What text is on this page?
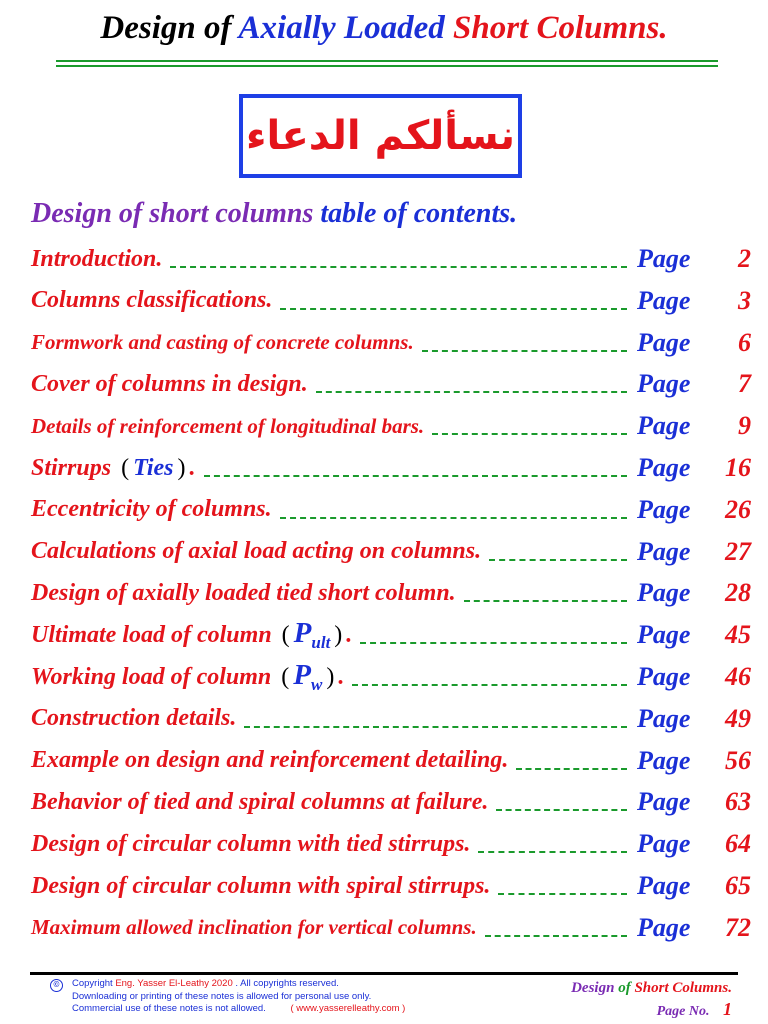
Design of Axially Loaded Short Columns.
نسألكم الدعاء
Design of short columns table of contents.
Introduction.	Page	2
Columns classifications.	Page	3
Formwork and casting of concrete columns.	Page	6
Cover of columns in design.	Page	7
Details of reinforcement of longitudinal bars.	Page	9
Stirrups ( Ties ) .	Page	16
Eccentricity of columns.	Page	26
Calculations of axial load acting on columns.	Page	27
Design of axially loaded tied short column.	Page	28
Ultimate load of column ( $P_{ult}$ ) .	Page	45
Working load of column ( $P_w$ ) .	Page	46
Construction details.	Page	49
Example on design and reinforcement detailing.	Page	56
Behavior of tied and spiral columns at failure.	Page	63
Design of circular column with tied stirrups.	Page	64
Design of circular column with spiral stirrups.	Page	65
Maximum allowed inclination for vertical columns.	Page	72
©	Copyright Eng. Yasser El-Leathy 2020 . All copyrights reserved.
Downloading or printing of these notes is allowed for personal use only.
Commercial use of these notes is not allowed.	( www.yasserelleathy.com )
Design of Short Columns.
Page No. 1
